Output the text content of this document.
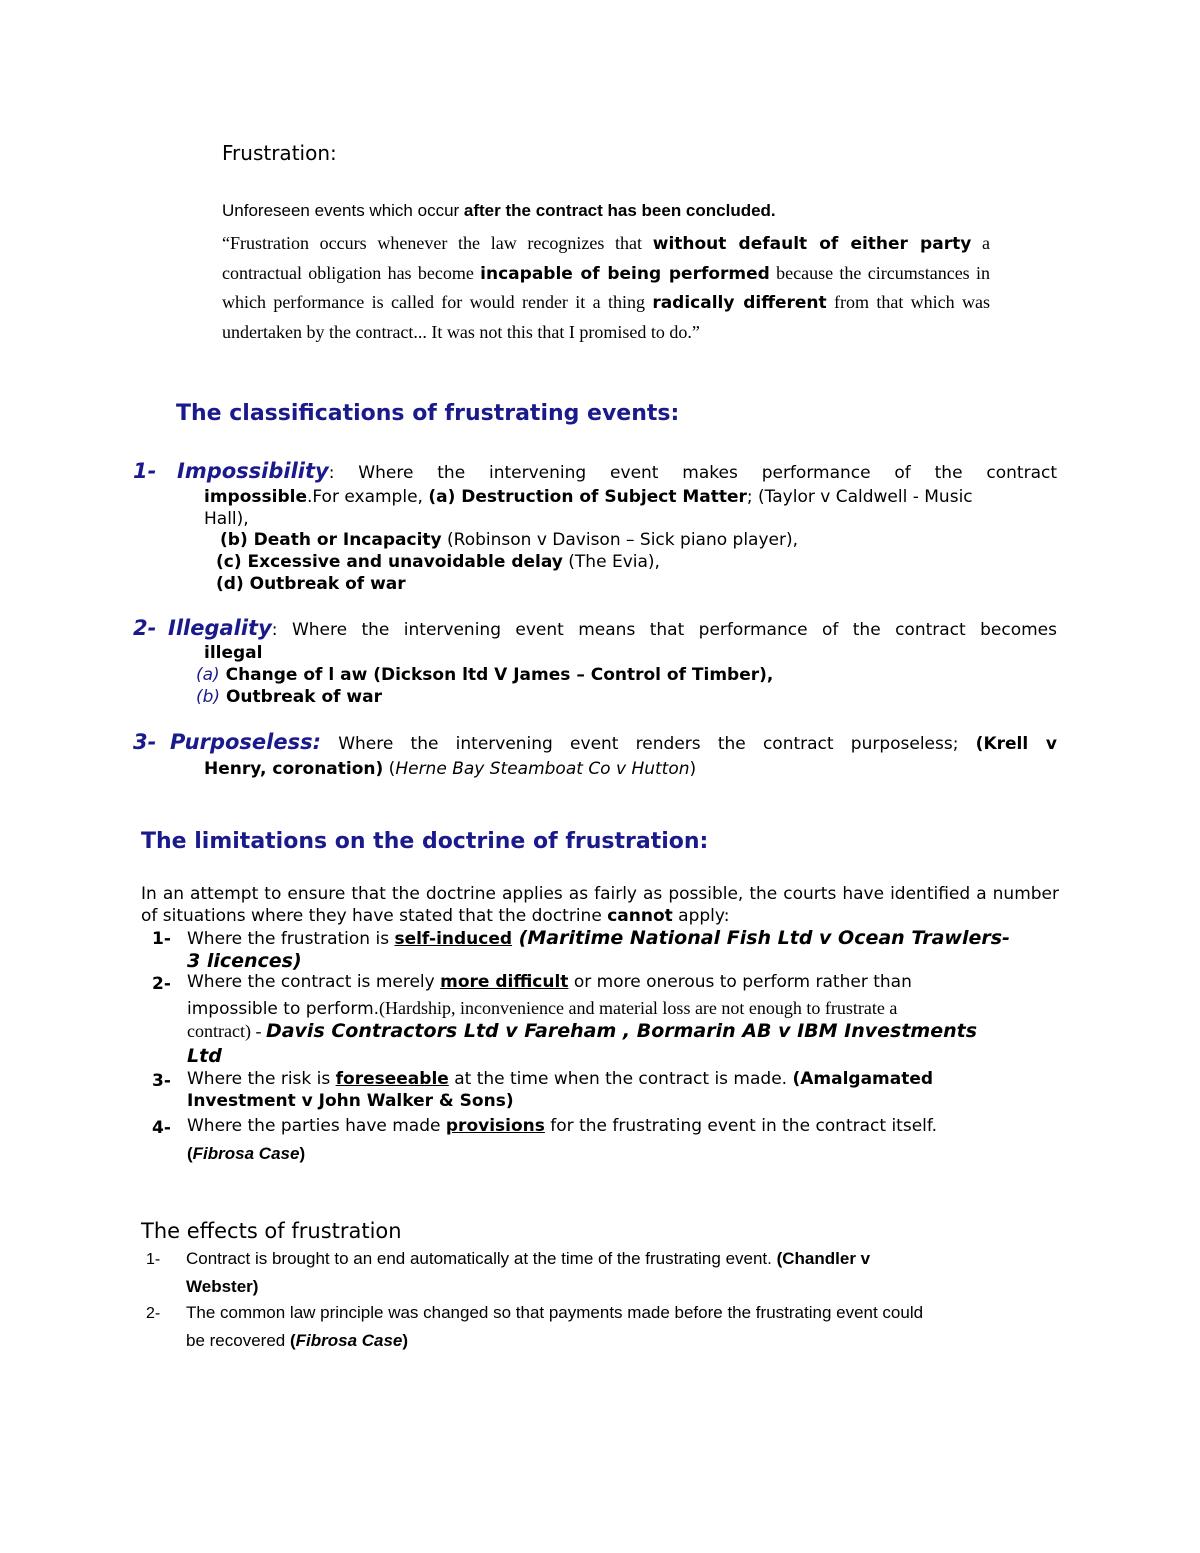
Frustration:
Unforeseen events which occur after the contract has been concluded.
“Frustration occurs whenever the law recognizes that without default of either party a contractual obligation has become incapable of being performed because the circumstances in which performance is called for would render it a thing radically different from that which was undertaken by the contract... It was not this that I promised to do.”
The classifications of frustrating events:
1- Impossibility: Where the intervening event makes performance of the contract
impossible.For example, (a) Destruction of Subject Matter; (Taylor v Caldwell - Music
Hall),
(b) Death or Incapacity (Robinson v Davison – Sick piano player),
(c) Excessive and unavoidable delay (The Evia),
(d) Outbreak of war
2- Illegality: Where the intervening event means that performance of the contract becomes
illegal
(a) Change of l aw (Dickson ltd V James – Control of Timber),
(b) Outbreak of war
3- Purposeless: Where the intervening event renders the contract purposeless; (Krell v
Henry, coronation) (Herne Bay Steamboat Co v Hutton)
The limitations on the doctrine of frustration:
In an attempt to ensure that the doctrine applies as fairly as possible, the courts have identified a number of situations where they have stated that the doctrine cannot apply:
1- Where the frustration is self-induced (Maritime National Fish Ltd v Ocean Trawlers-
3 licences)
2- Where the contract is merely more difficult or more onerous to perform rather than
impossible to perform.(Hardship, inconvenience and material loss are not enough to frustrate a
contract) - Davis Contractors Ltd v Fareham , Bormarin AB v IBM Investments
Ltd
3- Where the risk is foreseeable at the time when the contract is made. (Amalgamated
Investment v John Walker & Sons)
4- Where the parties have made provisions for the frustrating event in the contract itself.
(Fibrosa Case)
The effects of frustration
1- Contract is brought to an end automatically at the time of the frustrating event. (Chandler v
Webster)
2- The common law principle was changed so that payments made before the frustrating event could
be recovered (Fibrosa Case)
